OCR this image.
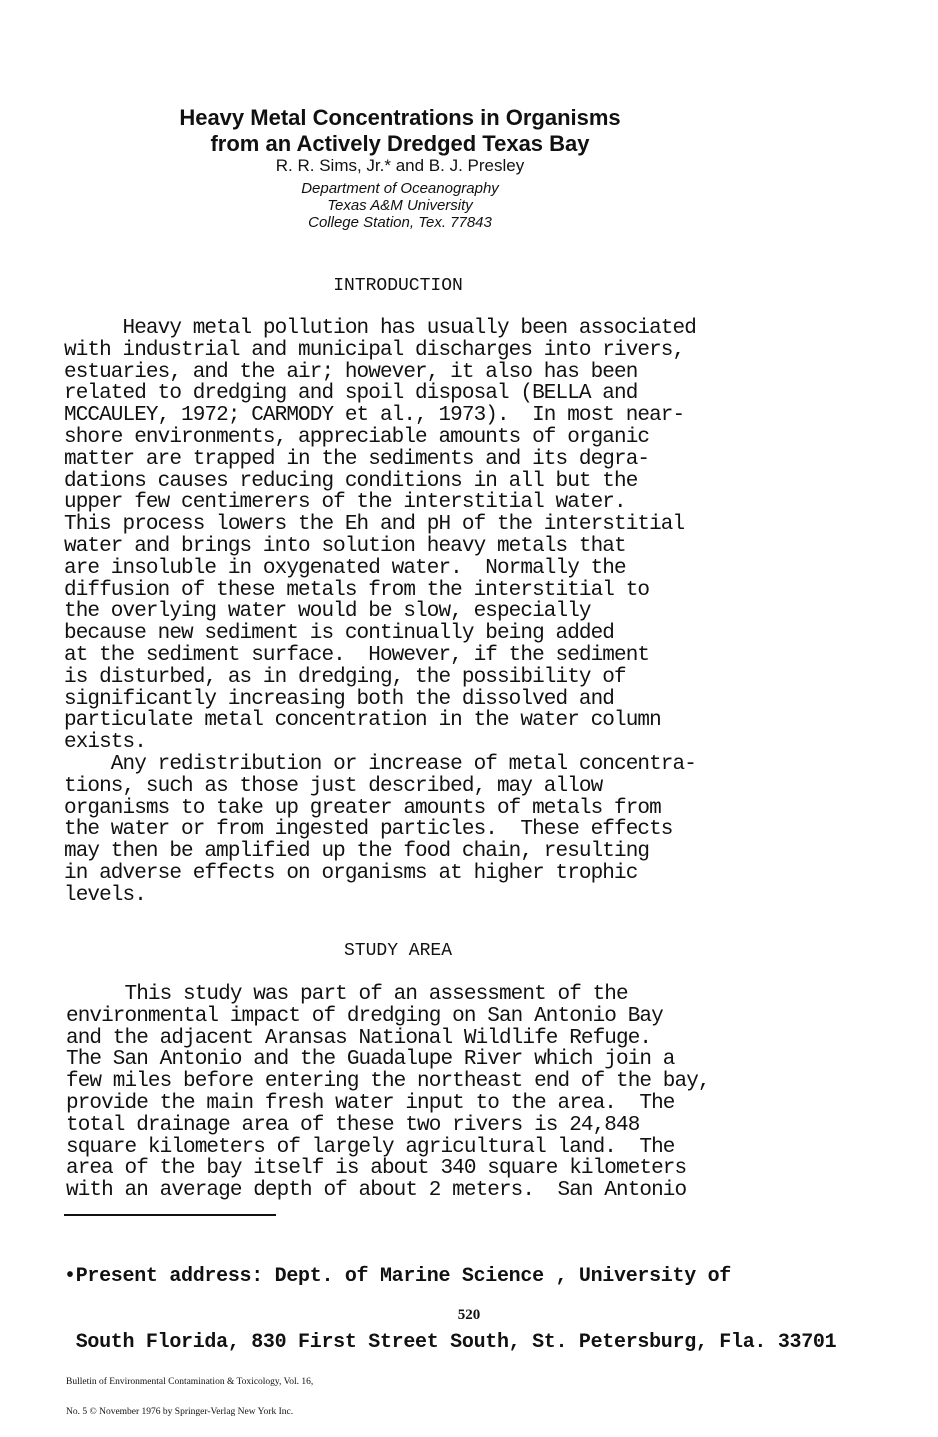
Heavy Metal Concentrations in Organisms
from an Actively Dredged Texas Bay
R. R. Sims, Jr.* and B. J. Presley
Department of Oceanography
Texas A&M University
College Station, Tex. 77843
INTRODUCTION
Heavy metal pollution has usually been associated
with industrial and municipal discharges into rivers,
estuaries, and the air; however, it also has been
related to dredging and spoil disposal (BELLA and
MCCAULEY, 1972; CARMODY et al., 1973).  In most near-
shore environments, appreciable amounts of organic
matter are trapped in the sediments and its degra-
dations causes reducing conditions in all but the
upper few centimerers of the interstitial water.
This process lowers the Eh and pH of the interstitial
water and brings into solution heavy metals that
are insoluble in oxygenated water.  Normally the
diffusion of these metals from the interstitial to
the overlying water would be slow, especially
because new sediment is continually being added
at the sediment surface.  However, if the sediment
is disturbed, as in dredging, the possibility of
significantly increasing both the dissolved and
particulate metal concentration in the water column
exists.
Any redistribution or increase of metal concentra-
tions, such as those just described, may allow
organisms to take up greater amounts of metals from
the water or from ingested particles.  These effects
may then be amplified up the food chain, resulting
in adverse effects on organisms at higher trophic
levels.
STUDY AREA
This study was part of an assessment of the
environmental impact of dredging on San Antonio Bay
and the adjacent Aransas National Wildlife Refuge.
The San Antonio and the Guadalupe River which join a
few miles before entering the northeast end of the bay,
provide the main fresh water input to the area.  The
total drainage area of these two rivers is 24,848
square kilometers of largely agricultural land.  The
area of the bay itself is about 340 square kilometers
with an average depth of about 2 meters.  San Antonio

•Present address: Dept. of Marine Science , University of

South Florida, 830 First Street South, St. Petersburg, Fla. 33701

520

Bulletin of Environmental Contamination & Toxicology, Vol. 16,

No. 5 © November 1976 by Springer-Verlag New York Inc.
